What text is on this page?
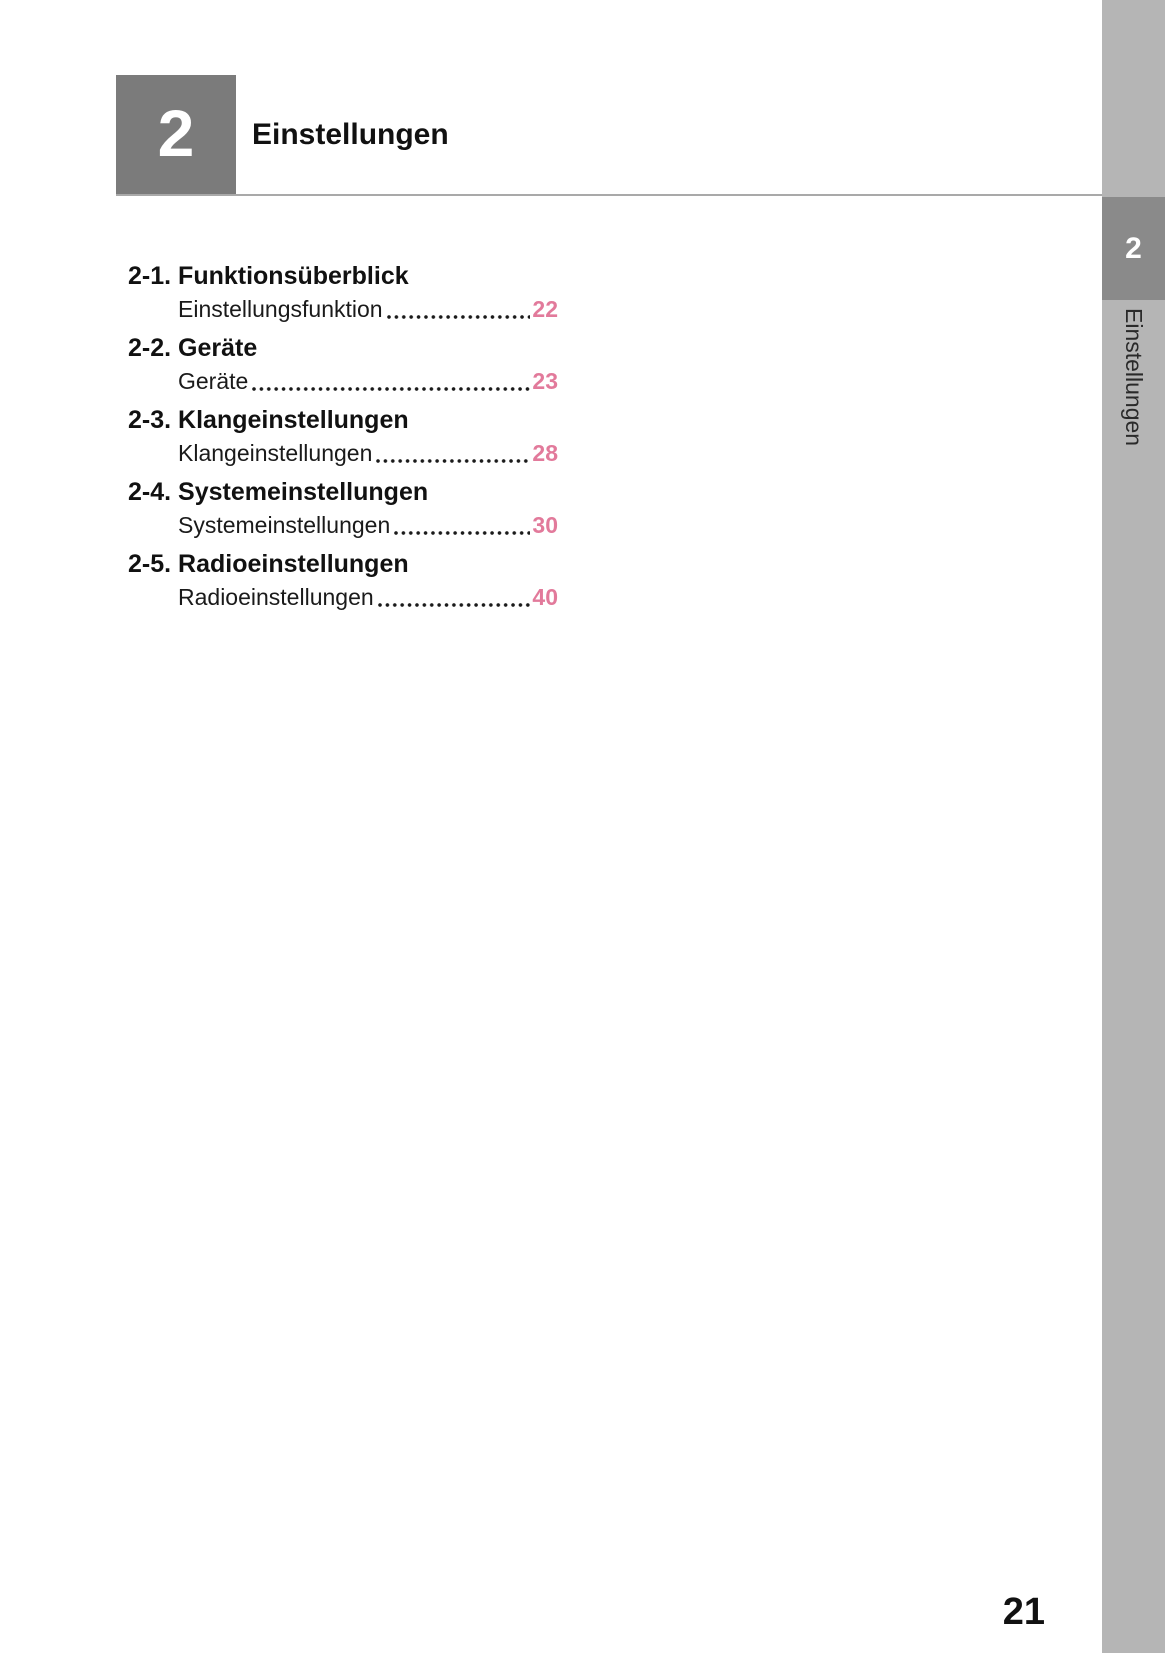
2 Einstellungen
2
Einstellungen
2-1. Funktionsüberblick
Einstellungsfunktion	22
2-2. Geräte
Geräte	23
2-3. Klangeinstellungen
Klangeinstellungen	28
2-4. Systemeinstellungen
Systemeinstellungen	30
2-5. Radioeinstellungen
Radioeinstellungen	40
21
